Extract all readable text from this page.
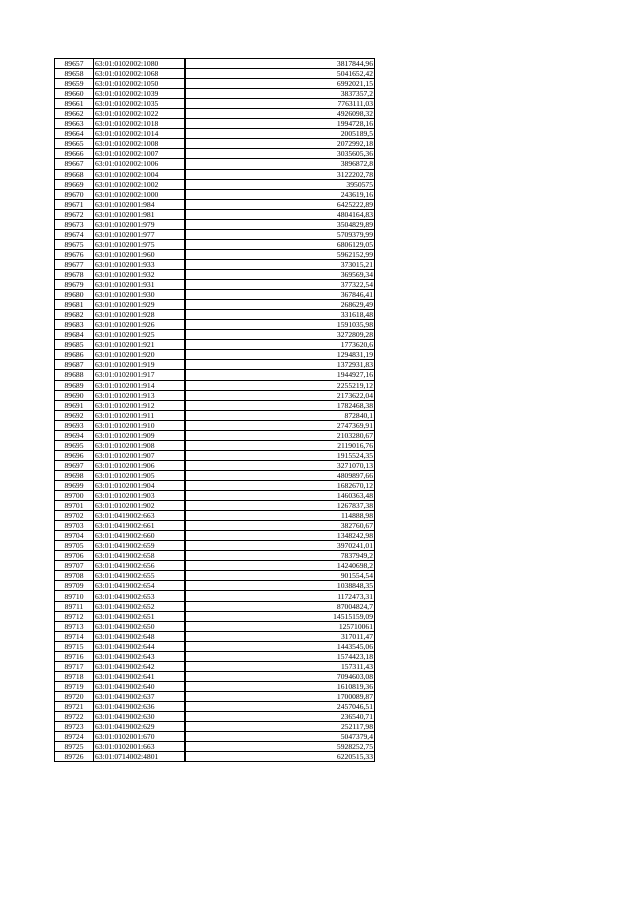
89657	63:01:0102002:1080	3817844,96
89658	63:01:0102002:1068	5041652,42
89659	63:01:0102002:1050	6992021,15
89660	63:01:0102002:1039	3837357,2
89661	63:01:0102002:1035	7763111,03
89662	63:01:0102002:1022	4926098,32
89663	63:01:0102002:1018	1994728,16
89664	63:01:0102002:1014	2005189,5
89665	63:01:0102002:1008	2072992,18
89666	63:01:0102002:1007	3035605,36
89667	63:01:0102002:1006	3896872,8
89668	63:01:0102002:1004	3122202,78
89669	63:01:0102002:1002	3950575
89670	63:01:0102002:1000	243619,16
89671	63:01:0102001:984	6425222,89
89672	63:01:0102001:981	4804164,83
89673	63:01:0102001:979	3504829,89
89674	63:01:0102001:977	5709379,99
89675	63:01:0102001:975	6806129,05
89676	63:01:0102001:960	5962152,99
89677	63:01:0102001:933	373015,21
89678	63:01:0102001:932	369569,34
89679	63:01:0102001:931	377322,54
89680	63:01:0102001:930	367846,41
89681	63:01:0102001:929	268629,49
89682	63:01:0102001:928	331618,48
89683	63:01:0102001:926	1591035,98
89684	63:01:0102001:925	3272809,28
89685	63:01:0102001:921	1773620,6
89686	63:01:0102001:920	1294831,19
89687	63:01:0102001:919	1372931,83
89688	63:01:0102001:917	1944927,16
89689	63:01:0102001:914	2255219,12
89690	63:01:0102001:913	2173622,04
89691	63:01:0102001:912	1782468,38
89692	63:01:0102001:911	872840,1
89693	63:01:0102001:910	2747369,91
89694	63:01:0102001:909	2103280,67
89695	63:01:0102001:908	2119016,76
89696	63:01:0102001:907	1915524,35
89697	63:01:0102001:906	3271070,13
89698	63:01:0102001:905	4809897,66
89699	63:01:0102001:904	1682670,12
89700	63:01:0102001:903	1460363,48
89701	63:01:0102001:902	1267837,38
89702	63:01:0419002:663	114888,98
89703	63:01:0419002:661	382760,67
89704	63:01:0419002:660	1348242,98
89705	63:01:0419002:659	3970241,01
89706	63:01:0419002:658	7837949,2
89707	63:01:0419002:656	14240698,2
89708	63:01:0419002:655	901554,54
89709	63:01:0419002:654	1038848,35
89710	63:01:0419002:653	1172473,31
89711	63:01:0419002:652	87004824,7
89712	63:01:0419002:651	14515159,09
89713	63:01:0419002:650	125710061
89714	63:01:0419002:648	317011,47
89715	63:01:0419002:644	1443545,06
89716	63:01:0419002:643	1574423,18
89717	63:01:0419002:642	157311,43
89718	63:01:0419002:641	7094603,08
89719	63:01:0419002:640	1610819,36
89720	63:01:0419002:637	1700089,87
89721	63:01:0419002:636	2457046,51
89722	63:01:0419002:630	236540,71
89723	63:01:0419002:629	252117,98
89724	63:01:0102001:670	5047379,4
89725	63:01:0102001:663	5928252,75
89726	63:01:0714002:4801	6220515,33
